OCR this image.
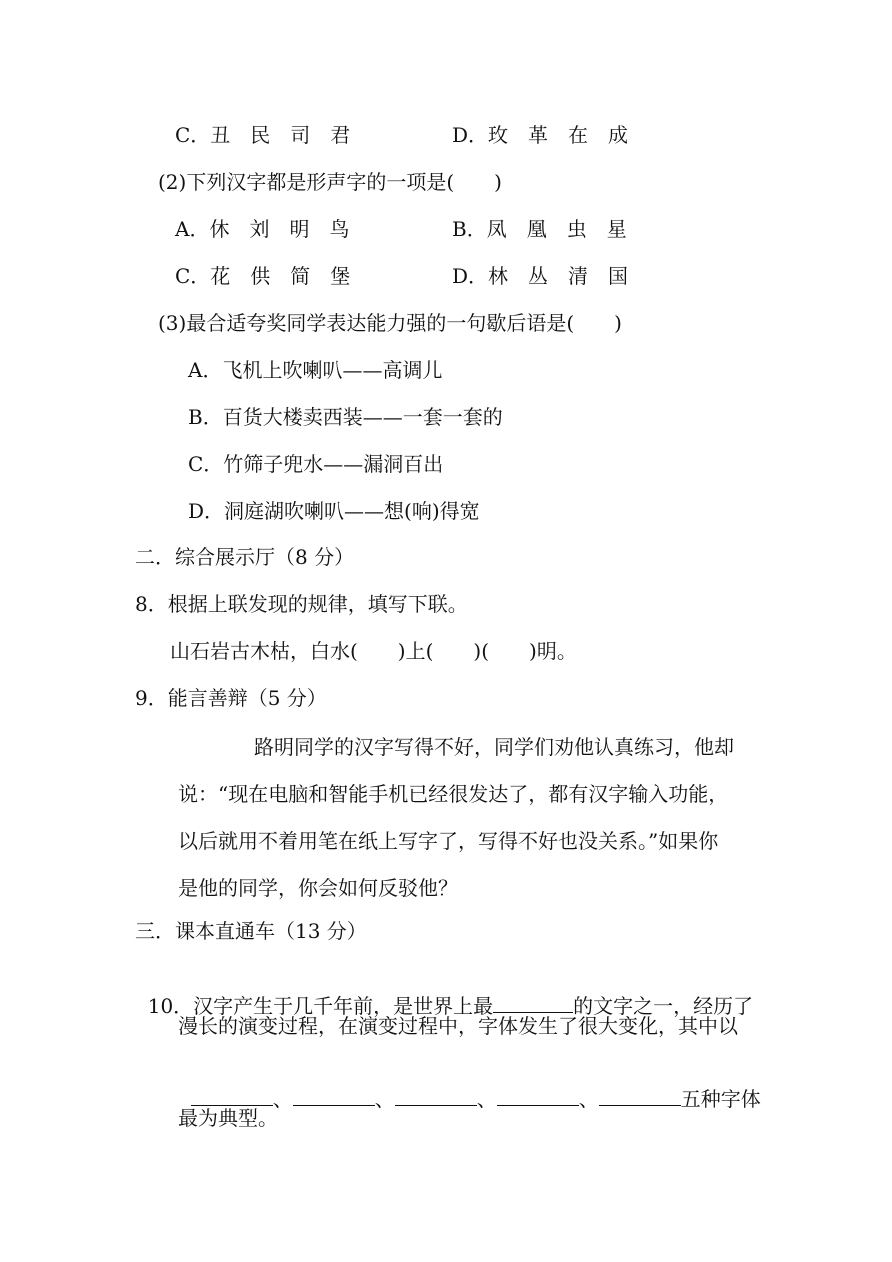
C．丑　民　司　君	D．玫　革　在　成
(2)下列汉字都是形声字的一项是(　　)
A．休　刘　明　鸟	B．凤　凰　虫　星
C．花　供　简　堡	D．林　丛　清　国
(3)最合适夸奖同学表达能力强的一句歇后语是(　　)
A．飞机上吹喇叭——高调儿
B．百货大楼卖西装——一套一套的
C．竹筛子兜水——漏洞百出
D．洞庭湖吹喇叭——想(响)得宽
二．综合展示厅（8 分）
8．根据上联发现的规律，填写下联。
山石岩古木枯，白水(　　)上(　　)(　　)明。
9．能言善辩（5 分）
路明同学的汉字写得不好，同学们劝他认真练习，他却
说：“现在电脑和智能手机已经很发达了，都有汉字输入功能，
以后就用不着用笔在纸上写字了，写得不好也没关系。”如果你
是他的同学，你会如何反驳他？
三．课本直通车（13 分）

10．汉字产生于几千年前，是世界上最	的文字之一，经历了

漫长的演变过程，在演变过程中，字体发生了很大变化，其中以

、	、	、	、	五种字体

最为典型。
